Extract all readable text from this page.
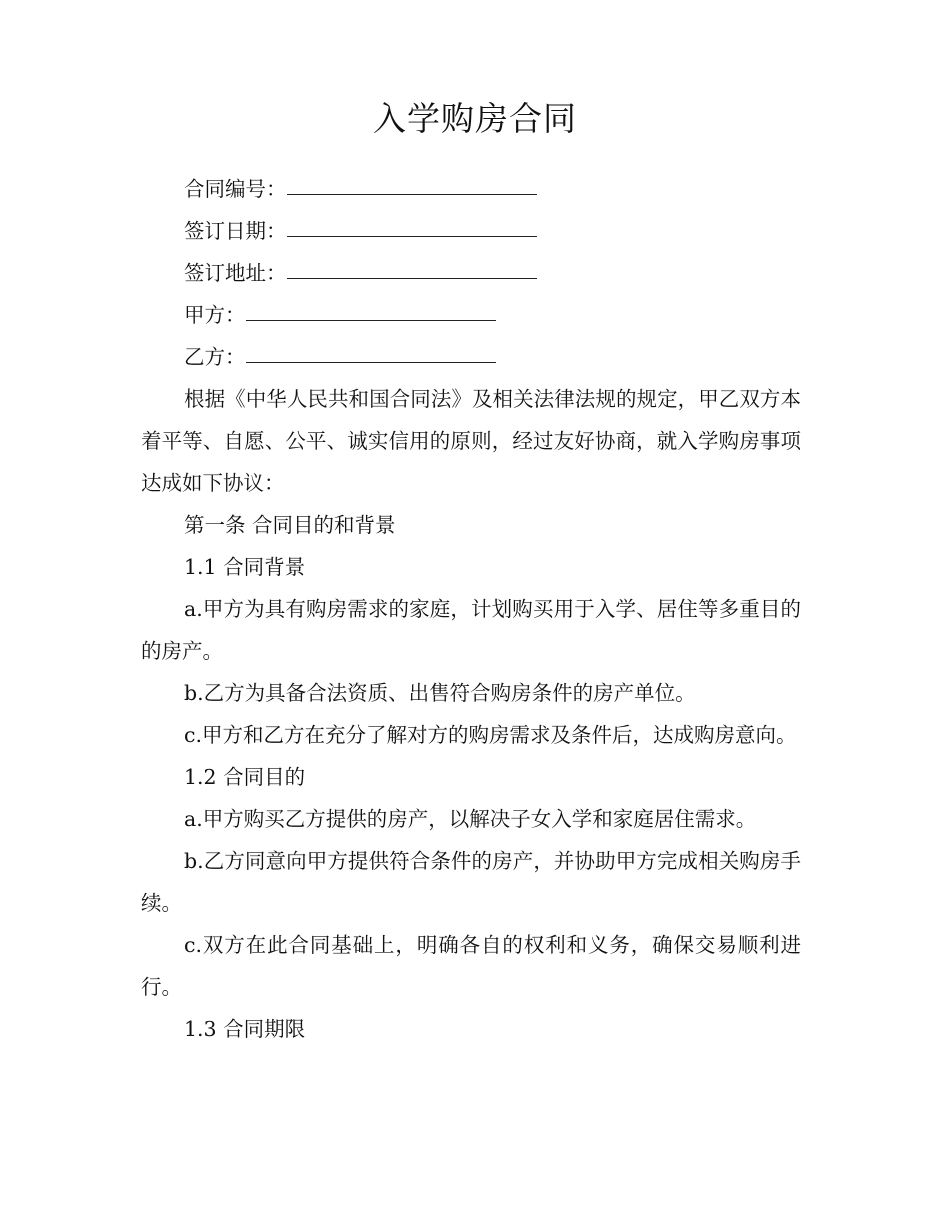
入学购房合同
合同编号：
签订日期：
签订地址：
甲方：
乙方：

根据《中华人民共和国合同法》及相关法律法规的规定，甲乙双方本着平等、自愿、公平、诚实信用的原则，经过友好协商，就入学购房事项达成如下协议：

第一条 合同目的和背景

1.1 合同背景

a.甲方为具有购房需求的家庭，计划购买用于入学、居住等多重目的的房产。

b.乙方为具备合法资质、出售符合购房条件的房产单位。

c.甲方和乙方在充分了解对方的购房需求及条件后，达成购房意向。

1.2 合同目的

a.甲方购买乙方提供的房产，以解决子女入学和家庭居住需求。

b.乙方同意向甲方提供符合条件的房产，并协助甲方完成相关购房手续。

c.双方在此合同基础上，明确各自的权利和义务，确保交易顺利进行。

1.3 合同期限
